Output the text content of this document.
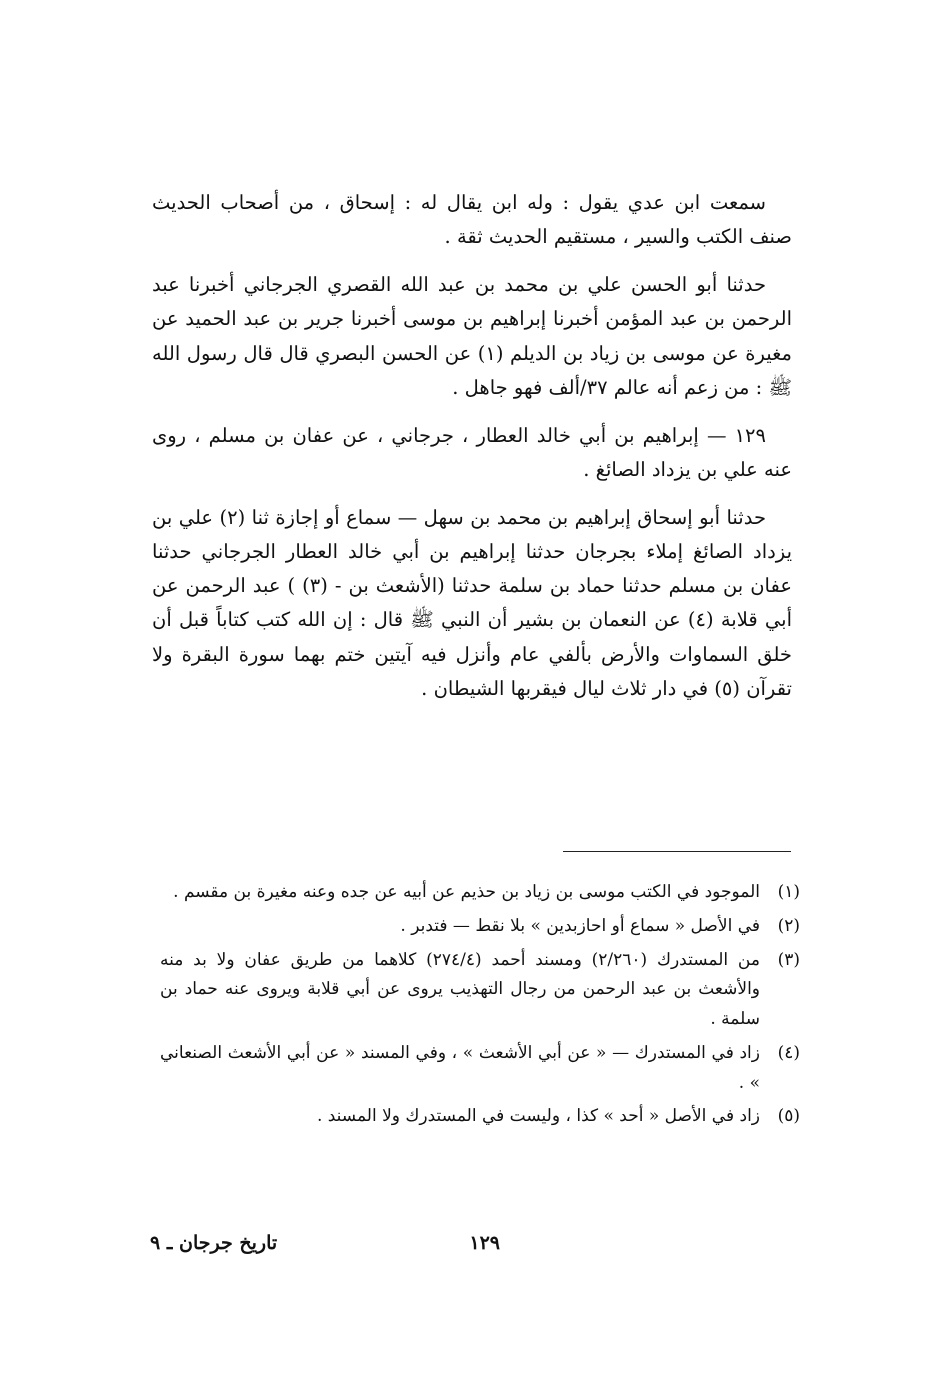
سمعت ابن عدي يقول : وله ابن يقال له : إسحاق ، من أصحاب الحديث صنف الكتب والسير ، مستقيم الحديث ثقة .

حدثنا أبو الحسن علي بن محمد بن عبد الله القصري الجرجاني أخبرنا عبد الرحمن بن عبد المؤمن أخبرنا إبراهيم بن موسى أخبرنا جرير بن عبد الحميد عن مغيرة عن موسى بن زياد بن الديلم (١) عن الحسن البصري قال قال رسول الله ﷺ : من زعم أنه عالم ٣٧/ألف فهو جاهل .

١٢٩ — إبراهيم بن أبي خالد العطار ، جرجاني ، عن عفان بن مسلم ، روى عنه علي بن يزداد الصائغ .

حدثنا أبو إسحاق إبراهيم بن محمد بن سهل — سماع أو إجازة ثنا (٢) علي بن يزداد الصائغ إملاء بجرجان حدثنا إبراهيم بن أبي خالد العطار الجرجاني حدثنا عفان بن مسلم حدثنا حماد بن سلمة حدثنا (الأشعث بن - (٣) ) عبد الرحمن عن أبي قلابة (٤) عن النعمان بن بشير أن النبي ﷺ قال : إن الله كتب كتاباً قبل أن خلق السماوات والأرض بألفي عام وأنزل فيه آيتين ختم بهما سورة البقرة ولا تقرآن (٥) في دار ثلاث ليال فيقربها الشيطان .

(١)
الموجود في الكتب موسى بن زياد بن حذيم عن أبيه عن جده وعنه مغيرة بن مقسم .
(٢)
في الأصل « سماع أو احازبدين » بلا نقط — فتدبر .
(٣)
من المستدرك (٢/٢٦٠) ومسند أحمد (٢٧٤/٤) كلاهما من طريق عفان ولا بد منه والأشعث بن عبد الرحمن من رجال التهذيب يروى عن أبي قلابة ويروى عنه حماد بن سلمة .
(٤)
زاد في المستدرك — « عن أبي الأشعث » ، وفي المسند « عن أبي الأشعث الصنعاني » .
(٥)
زاد في الأصل « أحد » كذا ، وليست في المستدرك ولا المسند .
١٢٩
تاريخ جرجان ـ ٩
